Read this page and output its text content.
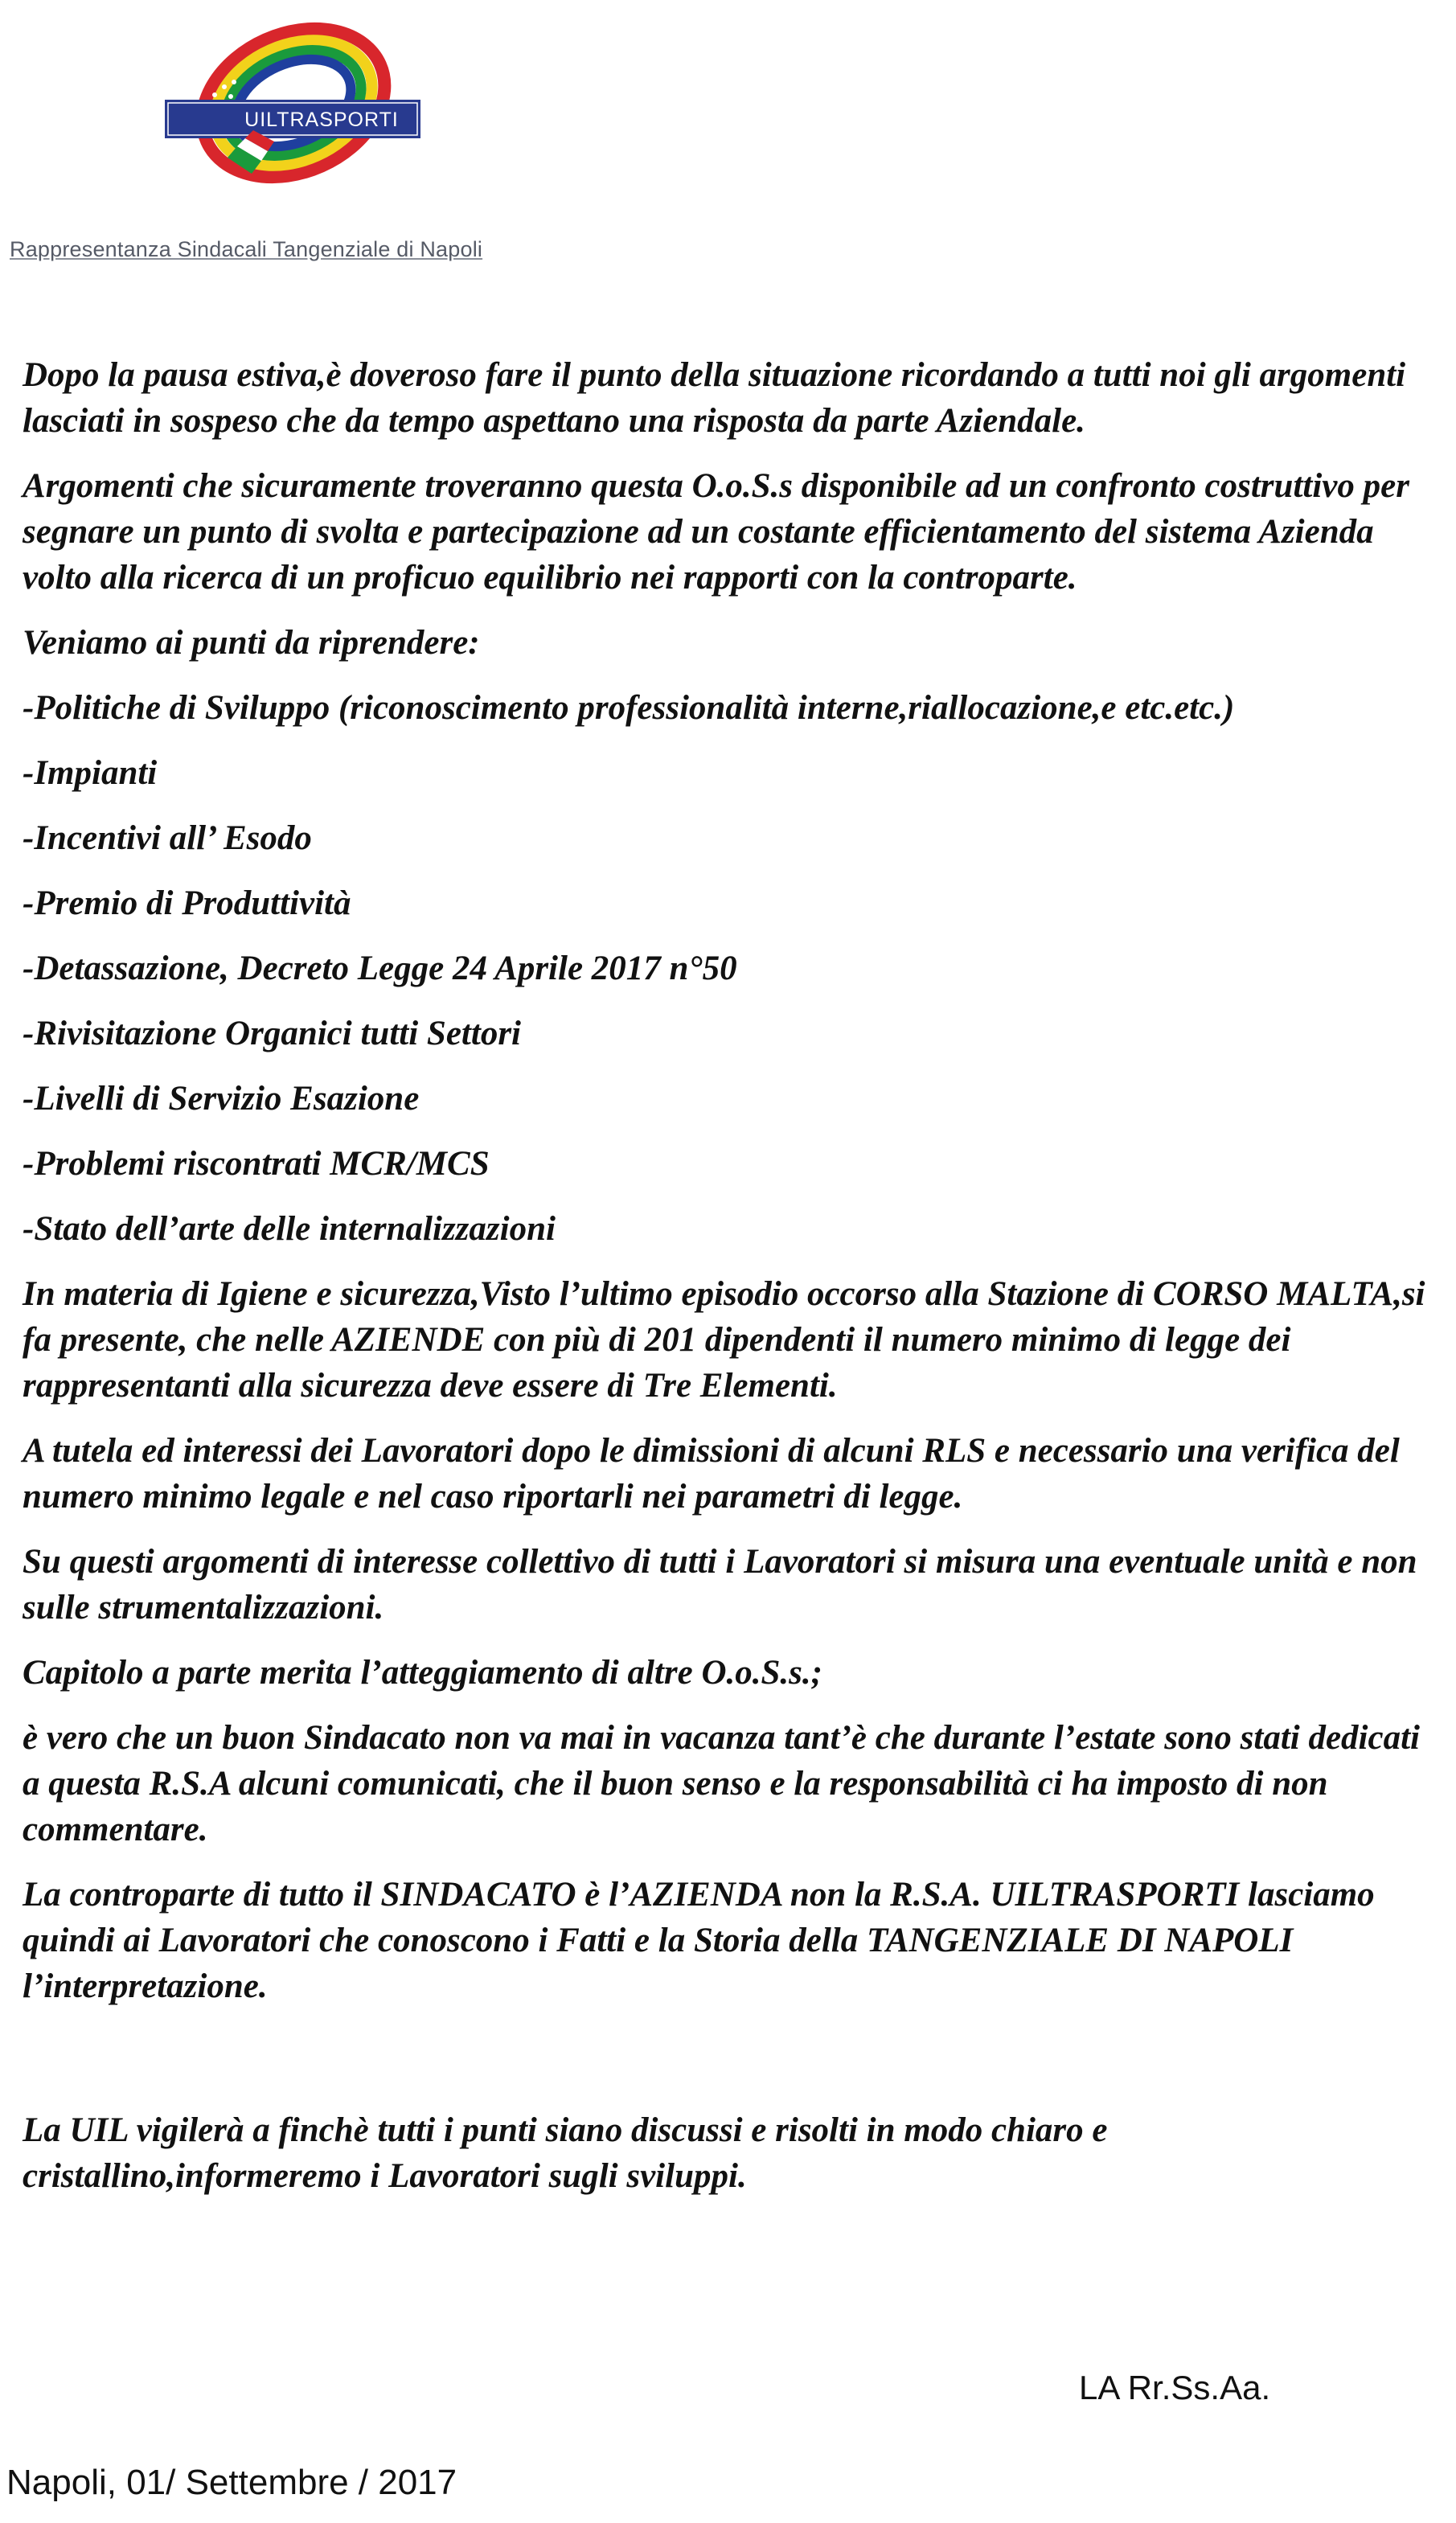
UILTRASPORTI
Rappresentanza Sindacali Tangenziale di Napoli

Dopo la pausa estiva,è doveroso fare il punto della situazione ricordando a tutti noi gli argomenti lasciati in sospeso che da tempo aspettano una risposta da parte Aziendale.

Argomenti che sicuramente troveranno questa O.o.S.s disponibile ad un confronto costruttivo per segnare un punto di svolta e partecipazione ad un costante efficientamento del sistema Azienda volto alla ricerca di un proficuo equilibrio nei rapporti con la controparte.

Veniamo ai punti da riprendere:

-Politiche di Sviluppo (riconoscimento professionalità interne,riallocazione,e etc.etc.)

-Impianti

-Incentivi all’ Esodo

-Premio di Produttività

-Detassazione, Decreto Legge 24 Aprile 2017 n°50

-Rivisitazione Organici tutti Settori

-Livelli di Servizio Esazione

-Problemi riscontrati MCR/MCS

-Stato dell’arte delle internalizzazioni

In materia di Igiene e sicurezza,Visto l’ultimo episodio occorso alla Stazione di CORSO MALTA,si fa presente, che nelle AZIENDE con più di 201 dipendenti il numero minimo di legge dei rappresentanti alla sicurezza deve essere di Tre Elementi.

A tutela ed interessi dei Lavoratori dopo le dimissioni di alcuni RLS e necessario una verifica del numero minimo legale e nel caso riportarli nei parametri di legge.

Su questi argomenti di interesse collettivo di tutti i Lavoratori si misura una eventuale unità e non sulle strumentalizzazioni.

Capitolo a parte merita l’atteggiamento di altre O.o.S.s.;

è vero che un buon Sindacato non va mai in vacanza tant’è che durante l’estate sono stati dedicati a questa R.S.A alcuni comunicati, che il buon senso e la responsabilità ci ha imposto di non commentare.

La controparte di tutto il SINDACATO è l’AZIENDA non la R.S.A. UILTRASPORTI lasciamo quindi ai Lavoratori che conoscono i Fatti e la Storia della TANGENZIALE DI NAPOLI l’interpretazione.

La UIL vigilerà a finchè tutti i punti siano discussi e risolti in modo chiaro e cristallino,informeremo i Lavoratori sugli sviluppi.

LA Rr.Ss.Aa.
Napoli, 01/ Settembre / 2017
